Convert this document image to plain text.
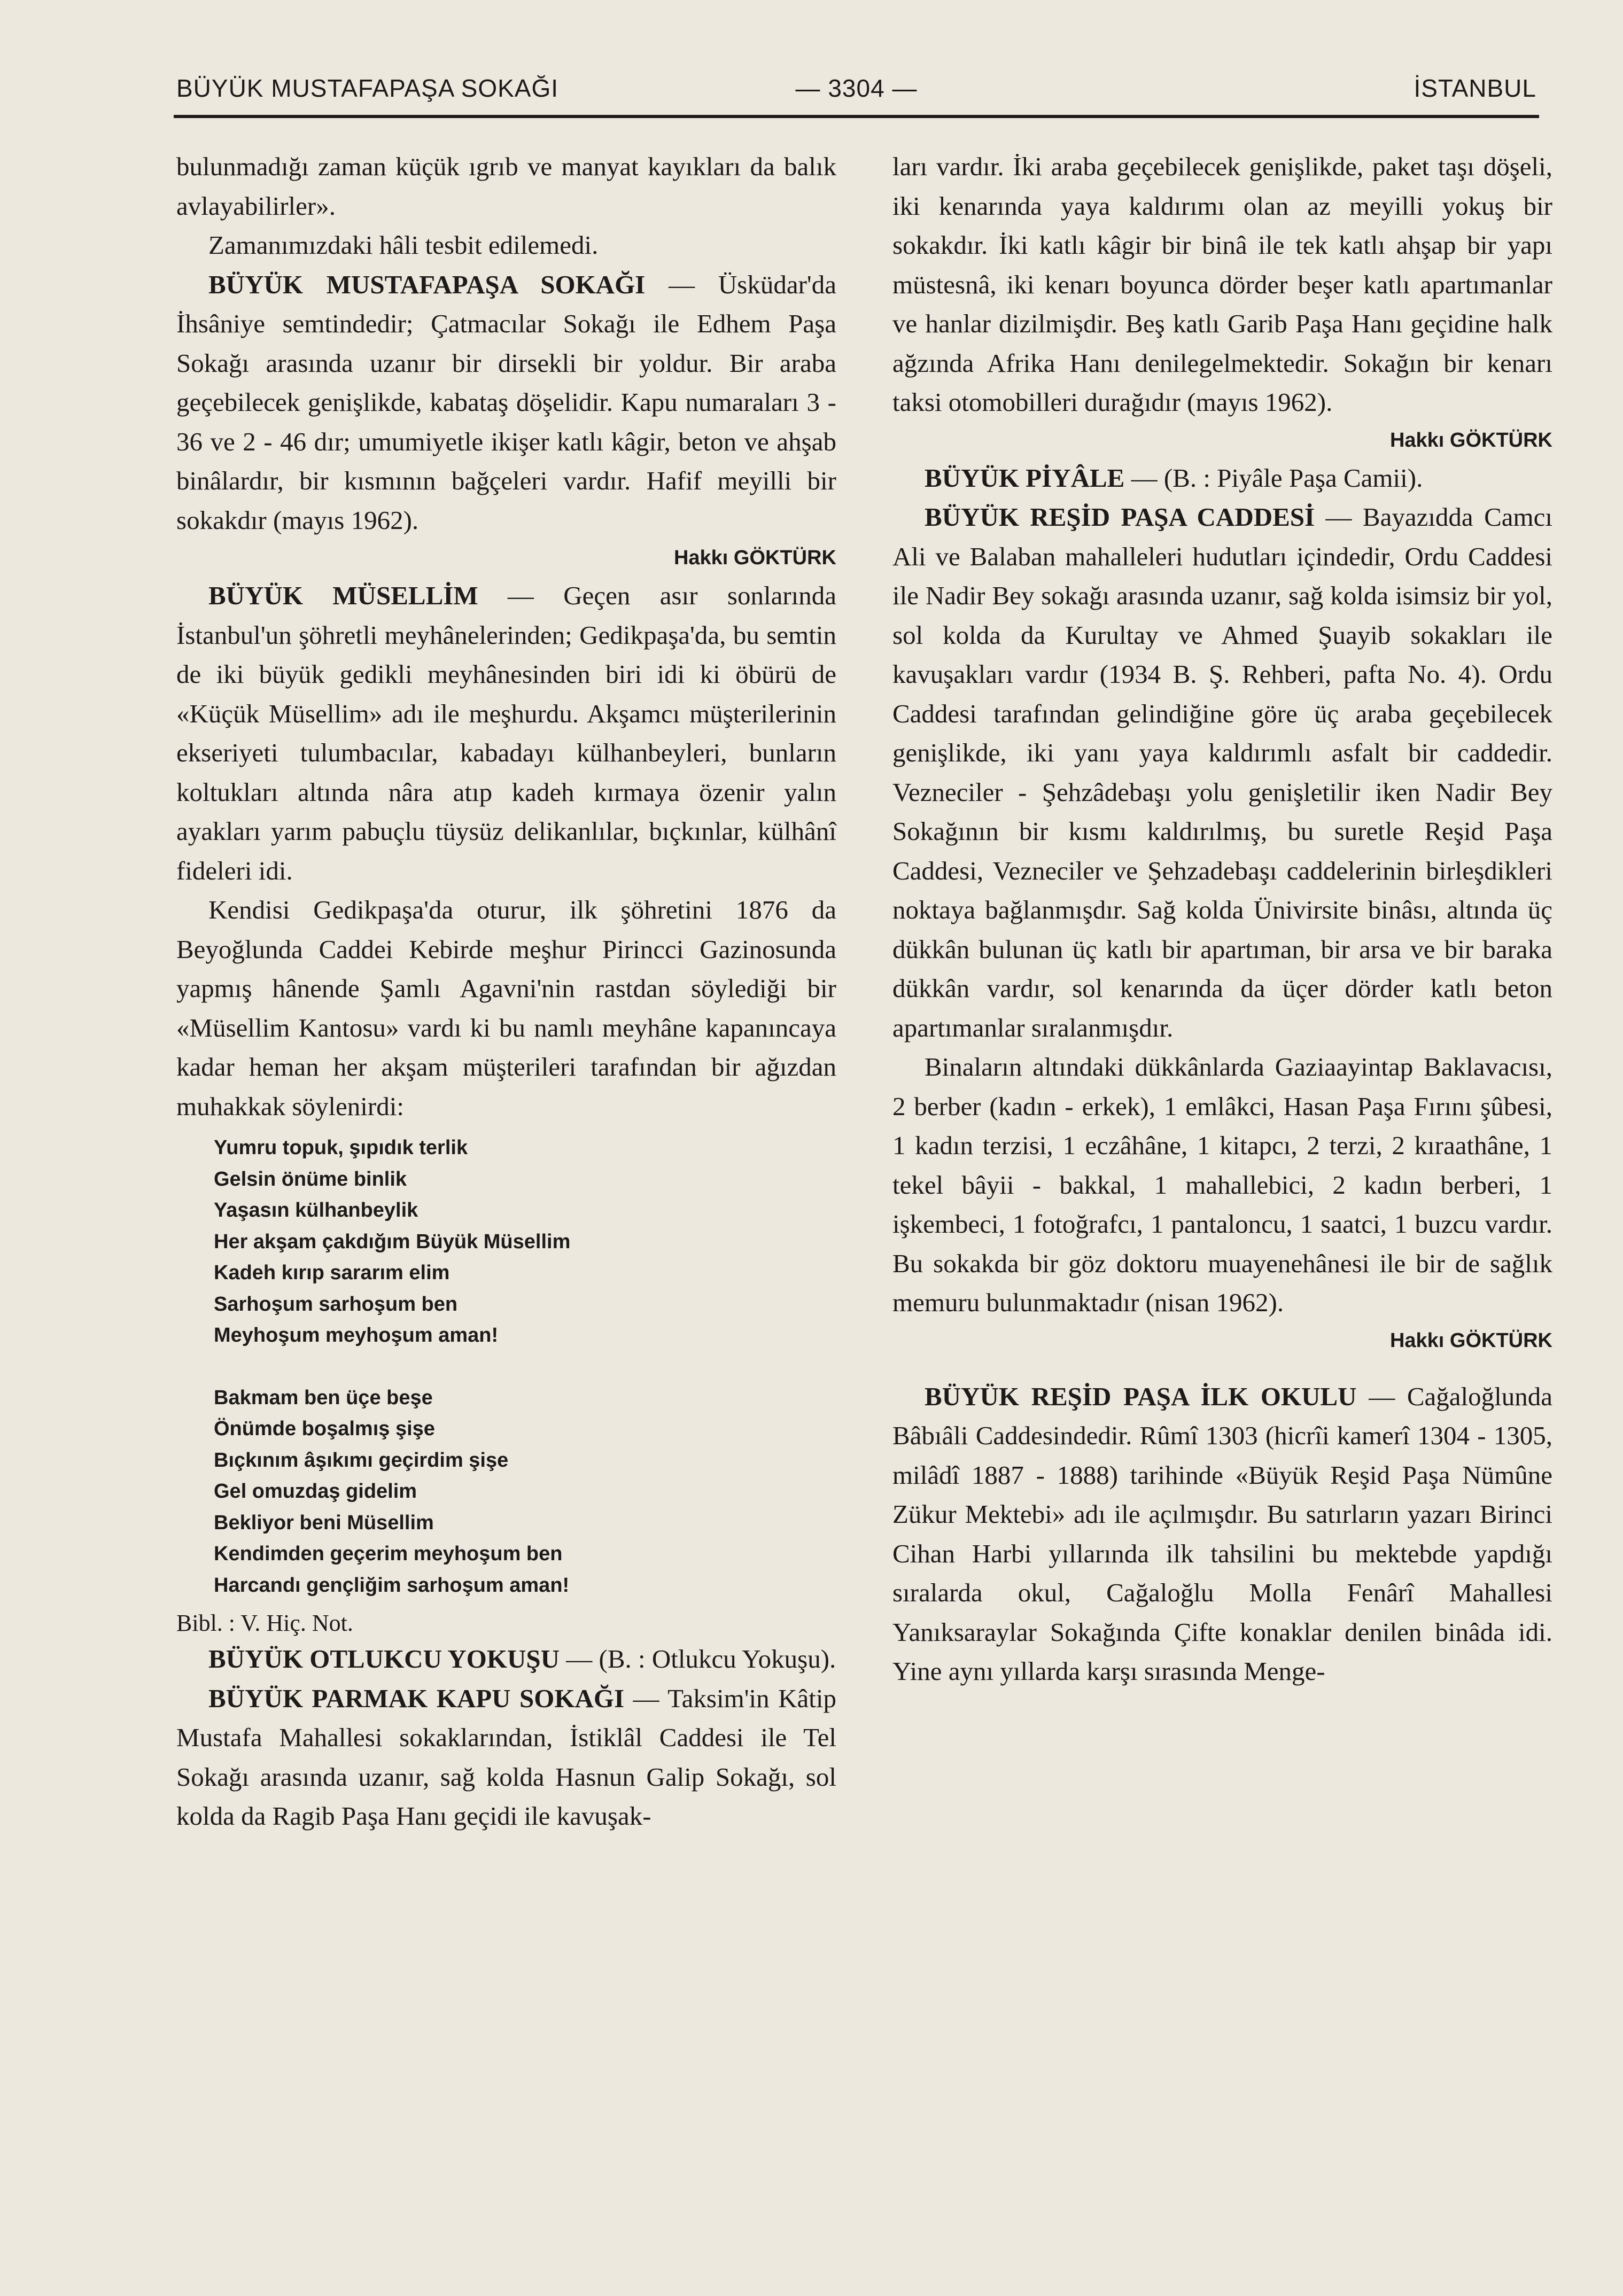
BÜYÜK MUSTAFAPAŞA SOKAĞI	— 3304 —	İSTANBUL

bulunmadığı zaman küçük ıgrıb ve manyat kayıkları da balık avlayabilirler».

Zamanımızdaki hâli tesbit edilemedi.

BÜYÜK MUSTAFAPAŞA SOKAĞI — Üsküdar'da İhsâniye semtindedir; Çatmacılar Sokağı ile Edhem Paşa Sokağı arasında uzanır bir dirsekli bir yoldur. Bir araba geçebilecek genişlikde, kabataş döşelidir. Kapu numaraları 3 - 36 ve 2 - 46 dır; umumiyetle ikişer katlı kâgir, beton ve ahşab binâlardır, bir kısmının bağçeleri vardır. Hafif meyilli bir sokakdır (mayıs 1962).

Hakkı GÖKTÜRK

BÜYÜK MÜSELLİM — Geçen asır sonlarında İstanbul'un şöhretli meyhânelerinden; Gedikpaşa'da, bu semtin de iki büyük gedikli meyhânesinden biri idi ki öbürü de «Küçük Müsellim» adı ile meşhurdu. Akşamcı müşterilerinin ekseriyeti tulumbacılar, kabadayı külhanbeyleri, bunların koltukları altında nâra atıp kadeh kırmaya özenir yalın ayakları yarım pabuçlu tüysüz delikanlılar, bıçkınlar, külhânî fideleri idi.

Kendisi Gedikpaşa'da oturur, ilk şöhretini 1876 da Beyoğlunda Caddei Kebirde meşhur Pirincci Gazinosunda yapmış hânende Şamlı Agavni'nin rastdan söylediği bir «Müsellim Kantosu» vardı ki bu namlı meyhâne kapanıncaya kadar heman her akşam müşterileri tarafından bir ağızdan muhakkak söylenirdi:

Yumru topuk, şıpıdık terlik
Gelsin önüme binlik
Yaşasın külhanbeylik
Her akşam çakdığım Büyük Müsellim
Kadeh kırıp sararım elim
Sarhoşum sarhoşum ben
Meyhoşum meyhoşum aman!
Bakmam ben üçe beşe
Önümde boşalmış şişe
Bıçkınım âşıkımı geçirdim şişe
Gel omuzdaş gidelim
Bekliyor beni Müsellim
Kendimden geçerim meyhoşum ben
Harcandı gençliğim sarhoşum aman!

Bibl. : V. Hiç. Not.

BÜYÜK OTLUKCU YOKUŞU — (B. : Otlukcu Yokuşu).

BÜYÜK PARMAK KAPU SOKAĞI — Taksim'in Kâtip Mustafa Mahallesi sokaklarından, İstiklâl Caddesi ile Tel Sokağı arasında uzanır, sağ kolda Hasnun Galip Sokağı, sol kolda da Ragib Paşa Hanı geçidi ile kavuşak-

ları vardır. İki araba geçebilecek genişlikde, paket taşı döşeli, iki kenarında yaya kaldırımı olan az meyilli yokuş bir sokakdır. İki katlı kâgir bir binâ ile tek katlı ahşap bir yapı müstesnâ, iki kenarı boyunca dörder beşer katlı apartımanlar ve hanlar dizilmişdir. Beş katlı Garib Paşa Hanı geçidine halk ağzında Afrika Hanı denilegelmektedir. Sokağın bir kenarı taksi otomobilleri durağıdır (mayıs 1962).

Hakkı GÖKTÜRK

BÜYÜK PİYÂLE — (B. : Piyâle Paşa Camii).

BÜYÜK REŞİD PAŞA CADDESİ — Bayazıdda Camcı Ali ve Balaban mahalleleri hudutları içindedir, Ordu Caddesi ile Nadir Bey sokağı arasında uzanır, sağ kolda isimsiz bir yol, sol kolda da Kurultay ve Ahmed Şuayib sokakları ile kavuşakları vardır (1934 B. Ş. Rehberi, pafta No. 4). Ordu Caddesi tarafından gelindiğine göre üç araba geçebilecek genişlikde, iki yanı yaya kaldırımlı asfalt bir caddedir. Vezneciler - Şehzâdebaşı yolu genişletilir iken Nadir Bey Sokağının bir kısmı kaldırılmış, bu suretle Reşid Paşa Caddesi, Vezneciler ve Şehzadebaşı caddelerinin birleşdikleri noktaya bağlanmışdır. Sağ kolda Ünivirsite binâsı, altında üç dükkân bulunan üç katlı bir apartıman, bir arsa ve bir baraka dükkân vardır, sol kenarında da üçer dörder katlı beton apartımanlar sıralanmışdır.

Binaların altındaki dükkânlarda Gaziaayintap Baklavacısı, 2 berber (kadın - erkek), 1 emlâkci, Hasan Paşa Fırını şûbesi, 1 kadın terzisi, 1 eczâhâne, 1 kitapcı, 2 terzi, 2 kıraathâne, 1 tekel bâyii - bakkal, 1 mahallebici, 2 kadın berberi, 1 işkembeci, 1 fotoğrafcı, 1 pantaloncu, 1 saatci, 1 buzcu vardır. Bu sokakda bir göz doktoru muayenehânesi ile bir de sağlık memuru bulunmaktadır (nisan 1962).

Hakkı GÖKTÜRK

BÜYÜK REŞİD PAŞA İLK OKULU — Cağaloğlunda Bâbıâli Caddesindedir. Rûmî 1303 (hicrîi kamerî 1304 - 1305, milâdî 1887 - 1888) tarihinde «Büyük Reşid Paşa Nümûne Zükur Mektebi» adı ile açılmışdır. Bu satırların yazarı Birinci Cihan Harbi yıllarında ilk tahsilini bu mektebde yapdığı sıralarda okul, Cağaloğlu Molla Fenârî Mahallesi Yanıksaraylar Sokağında Çifte konaklar denilen binâda idi. Yine aynı yıllarda karşı sırasında Menge-
